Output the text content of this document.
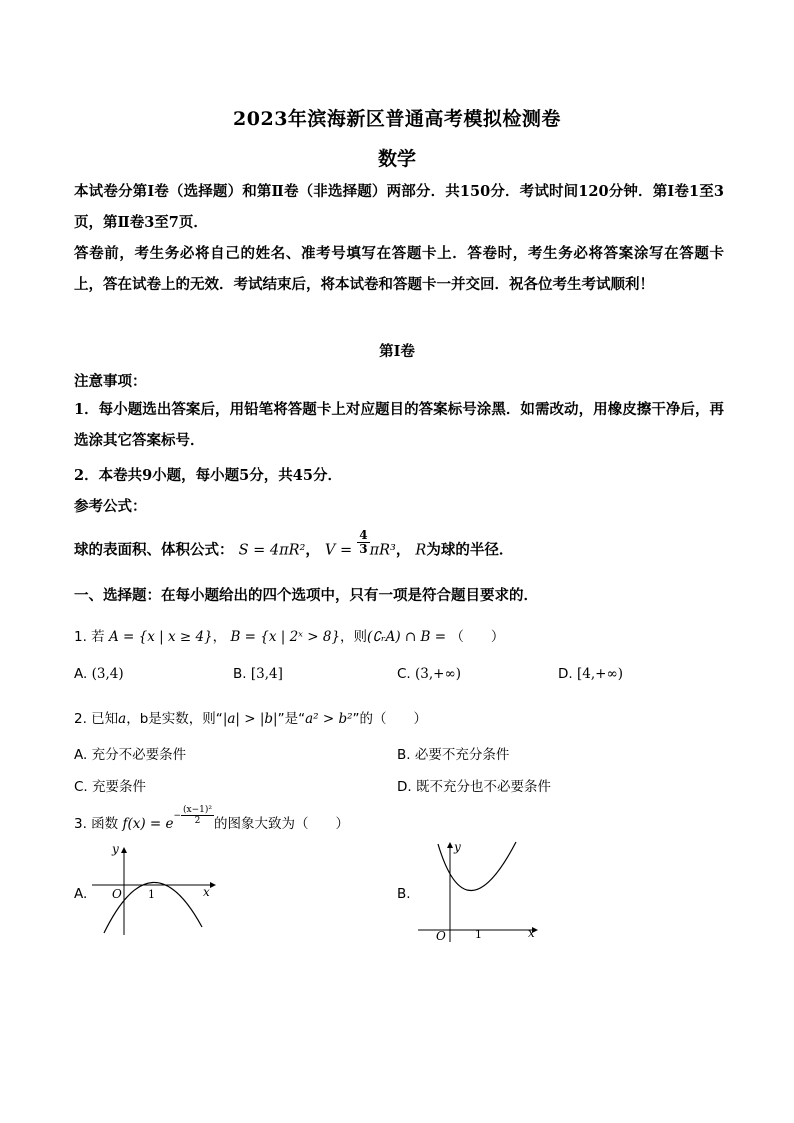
2023年滨海新区普通高考模拟检测卷
数学
本试卷分第Ⅰ卷（选择题）和第Ⅱ卷（非选择题）两部分．共150分．考试时间120分钟．第Ⅰ卷1至3页，第Ⅱ卷3至7页．
答卷前，考生务必将自己的姓名、准考号填写在答题卡上．答卷时，考生务必将答案涂写在答题卡上，答在试卷上的无效．考试结束后，将本试卷和答题卡一并交回．祝各位考生考试顺利！
第Ⅰ卷
注意事项：
1．每小题选出答案后，用铅笔将答题卡上对应题目的答案标号涂黑．如需改动，用橡皮擦干净后，再选涂其它答案标号．
2．本卷共9小题，每小题5分，共45分．
参考公式：
球的表面积、体积公式： S = 4πR²， $V = \frac{4}{3} \pi R^3$， R为球的半径．
一、选择题：在每小题给出的四个选项中，只有一项是符合题目要求的．
1. 若 A = {x | x ≥ 4}， B = {x | 2ˣ > 8}，则(∁ᵣA) ∩ B = （　　）
A. (3,4)	B. [3,4]	C. (3,+∞)	D. [4,+∞)
2. 已知a，b是实数，则“|a| > |b|”是“a² > b²”的（　　）
A. 充分不必要条件	B. 必要不充分条件
C. 充要条件	D. 既不充分也不必要条件
3. 函数 $f(x) = e- \frac{\text{(x−1)²}}{2}$ 的图象大致为（　　）
A.
y
x
O 1	B.
y
x
O	1
